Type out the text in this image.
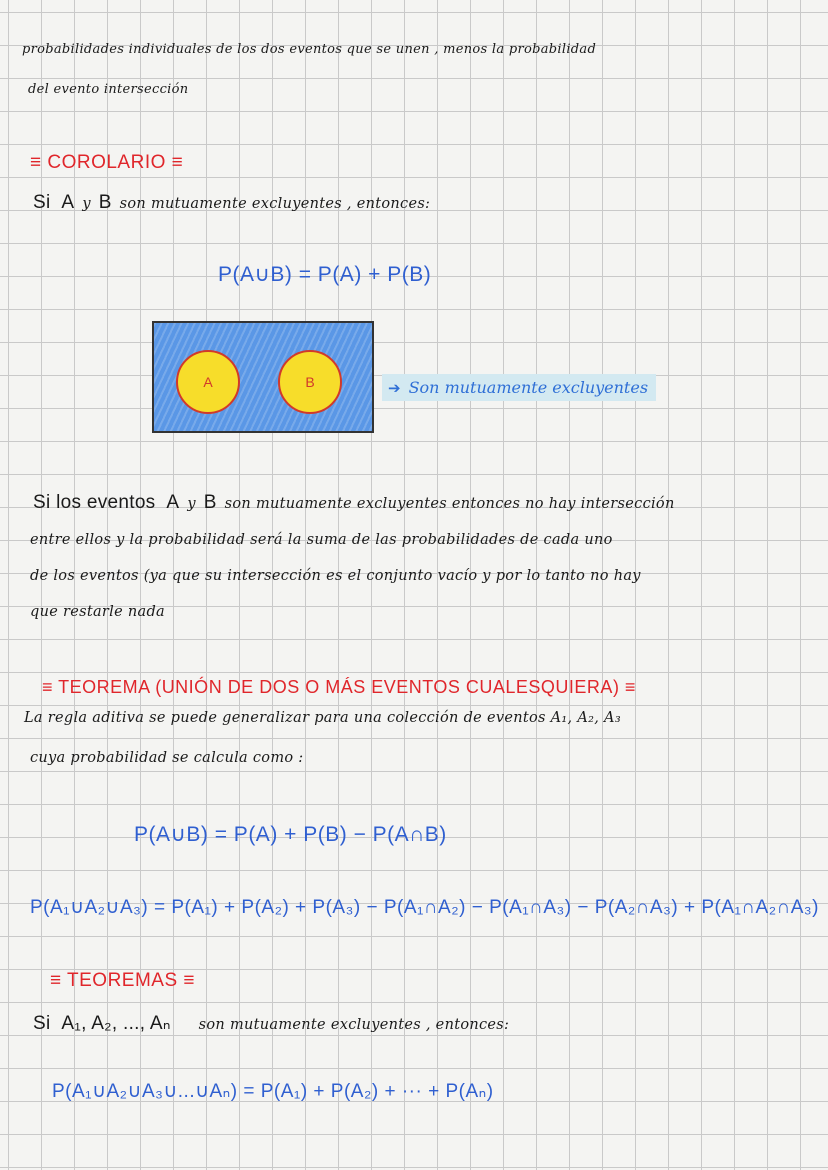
probabilidades individuales de los dos eventos que se unen , menos la probabilidad
del evento intersección
≡ COROLARIO ≡
Si A y B son mutuamente excluyentes , entonces:
P(A∪B) = P(A) + P(B)
A	B	➔ Son mutuamente excluyentes
Si los eventos A y B son mutuamente excluyentes entonces no hay intersección
entre ellos y la probabilidad será la suma de las probabilidades de cada uno
de los eventos (ya que su intersección es el conjunto vacío y por lo tanto no hay
que restarle nada
≡ TEOREMA (UNIÓN DE DOS O MÁS EVENTOS CUALESQUIERA) ≡
La regla aditiva se puede generalizar para una colección de eventos A₁, A₂, A₃
cuya probabilidad se calcula como :
P(A∪B) = P(A) + P(B) − P(A∩B)
P(A₁∪A₂∪A₃) = P(A₁) + P(A₂) + P(A₃) − P(A₁∩A₂) − P(A₁∩A₃) − P(A₂∩A₃) + P(A₁∩A₂∩A₃)
≡ TEOREMAS ≡
Si A₁, A₂, ..., Aₙ son mutuamente excluyentes , entonces:
P(A₁∪A₂∪A₃∪...∪Aₙ) = P(A₁) + P(A₂) + ··· + P(Aₙ)
